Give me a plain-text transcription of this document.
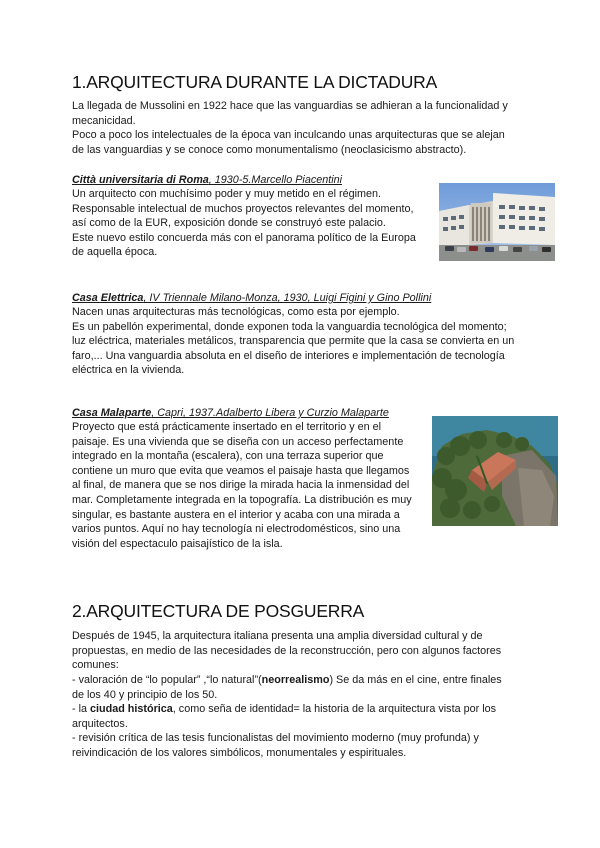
1.ARQUITECTURA DURANTE LA DICTADURA
La llegada de Mussolini en 1922 hace que las vanguardias se adhieran a la funcionalidad y
mecanicidad.
Poco a poco los intelectuales de la época van inculcando unas arquitecturas que se alejan
de las vanguardias y se conoce como monumentalismo (neoclasicismo abstracto).
Città universitaria di Roma, 1930-5.Marcello Piacentini
Un arquitecto con muchísimo poder y muy metido en el régimen.
Responsable intelectual de muchos proyectos relevantes del momento,
así como de la EUR, exposición donde se construyó este palacio.
Este nuevo estilo concuerda más con el panorama político de la Europa
de aquella época.
Casa Elettrica, IV Triennale Milano-Monza, 1930, Luigi Figini y Gino Pollini
Nacen unas arquitecturas más tecnológicas, como esta por ejemplo.
Es un pabellón experimental, donde exponen toda la vanguardia tecnológica del momento;
luz eléctrica, materiales metálicos, transparencia que permite que la casa se convierta en un
faro,... Una vanguardia absoluta en el diseño de interiores e implementación de tecnología
eléctrica en la vivienda.
Casa Malaparte, Capri, 1937.Adalberto Libera y Curzio Malaparte
Proyecto que está prácticamente insertado en el territorio y en el
paisaje. Es una vivienda que se diseña con un acceso perfectamente
integrado en la montaña (escalera), con una terraza superior que
contiene un muro que evita que veamos el paisaje hasta que llegamos
al final, de manera que se nos dirige la mirada hacia la inmensidad del
mar. Completamente integrada en la topografía. La distribución es muy
singular, es bastante austera en el interior y acaba con una mirada a
varios puntos. Aquí no hay tecnología ni electrodomésticos, sino una
visión del espectaculo paisajístico de la isla.
2.ARQUITECTURA DE POSGUERRA
Después de 1945, la arquitectura italiana presenta una amplia diversidad cultural y de
propuestas, en medio de las necesidades de la reconstrucción, pero con algunos factores
comunes:
- valoración de “lo popular” ,“lo natural”(neorrealismo) Se da más en el cine, entre finales
de los 40 y principio de los 50.
- la ciudad histórica, como seña de identidad= la historia de la arquitectura vista por los
arquitectos.
- revisión crítica de las tesis funcionalistas del movimiento moderno (muy profunda) y
reivindicación de los valores simbólicos, monumentales y espirituales.
